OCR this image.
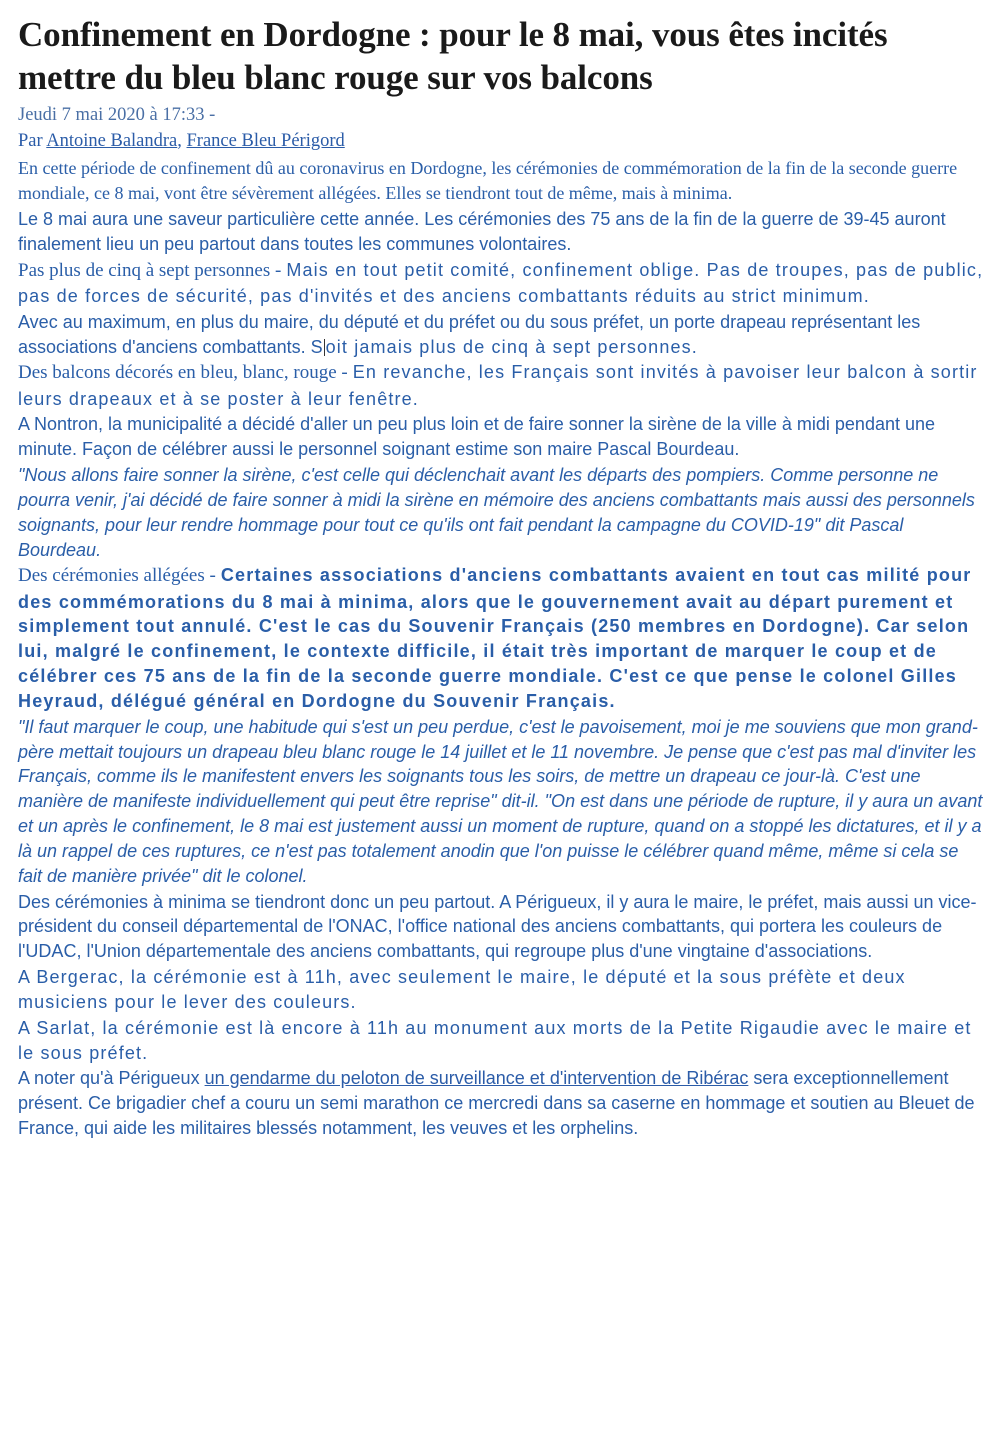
Confinement en Dordogne : pour le 8 mai, vous êtes incités mettre du bleu blanc rouge sur vos balcons
Jeudi 7 mai 2020 à 17:33 -
Par Antoine Balandra, France Bleu Périgord

En cette période de confinement dû au coronavirus en Dordogne, les cérémonies de commémoration de la fin de la seconde guerre mondiale, ce 8 mai, vont être sévèrement allégées. Elles se tiendront tout de même, mais à minima.

Le 8 mai aura une saveur particulière cette année. Les cérémonies des 75 ans de la fin de la guerre de 39-45 auront finalement lieu un peu partout dans toutes les communes volontaires.

Pas plus de cinq à sept personnes - Mais en tout petit comité, confinement oblige. Pas de troupes, pas de public, pas de forces de sécurité, pas d'invités et des anciens combattants réduits au strict minimum.

Avec au maximum, en plus du maire, du député et du préfet ou du sous préfet, un porte drapeau représentant les associations d'anciens combattants. S oit jamais plus de cinq à sept personnes.

Des balcons décorés en bleu, blanc, rouge - En revanche, les Français sont invités à pavoiser leur balcon à sortir leurs drapeaux et à se poster à leur fenêtre.

A Nontron, la municipalité a décidé d'aller un peu plus loin et de faire sonner la sirène de la ville à midi pendant une minute. Façon de célébrer aussi le personnel soignant estime son maire Pascal Bourdeau.

"Nous allons faire sonner la sirène, c'est celle qui déclenchait avant les départs des pompiers. Comme personne ne pourra venir, j'ai décidé de faire sonner à midi la sirène en mémoire des anciens combattants mais aussi des personnels soignants, pour leur rendre hommage pour tout ce qu'ils ont fait pendant la campagne du COVID-19" dit Pascal Bourdeau.

Des cérémonies allégées - Certaines associations d'anciens combattants avaient en tout cas milité pour des commémorations du 8 mai à minima, alors que le gouvernement avait au départ purement et simplement tout annulé. C'est le cas du Souvenir Français (250 membres en Dordogne). Car selon lui, malgré le confinement, le contexte difficile, il était très important de marquer le coup et de célébrer ces 75 ans de la fin de la seconde guerre mondiale. C'est ce que pense le colonel Gilles Heyraud, délégué général en Dordogne du Souvenir Français.

"Il faut marquer le coup, une habitude qui s'est un peu perdue, c'est le pavoisement, moi je me souviens que mon grand-père mettait toujours un drapeau bleu blanc rouge le 14 juillet et le 11 novembre. Je pense que c'est pas mal d'inviter les Français, comme ils le manifestent envers les soignants tous les soirs, de mettre un drapeau ce jour-là. C'est une manière de manifeste individuellement qui peut être reprise" dit-il. "On est dans une période de rupture, il y aura un avant et un après le confinement, le 8 mai est justement aussi un moment de rupture, quand on a stoppé les dictatures, et il y a là un rappel de ces ruptures, ce n'est pas totalement anodin que l'on puisse le célébrer quand même, même si cela se fait de manière privée" dit le colonel.

Des cérémonies à minima se tiendront donc un peu partout. A Périgueux, il y aura le maire, le préfet, mais aussi un vice-président du conseil départemental de l'ONAC, l'office national des anciens combattants, qui portera les couleurs de l'UDAC, l'Union départementale des anciens combattants, qui regroupe plus d'une vingtaine d'associations.

A Bergerac, la cérémonie est à 11h, avec seulement le maire, le député et la sous préfète et deux musiciens pour le lever des couleurs.

A Sarlat, la cérémonie est là encore à 11h au monument aux morts de la Petite Rigaudie avec le maire et le sous préfet.

A noter qu'à Périgueux un gendarme du peloton de surveillance et d'intervention de Ribérac sera exceptionnellement présent. Ce brigadier chef a couru un semi marathon ce mercredi dans sa caserne en hommage et soutien au Bleuet de France, qui aide les militaires blessés notamment, les veuves et les orphelins.
